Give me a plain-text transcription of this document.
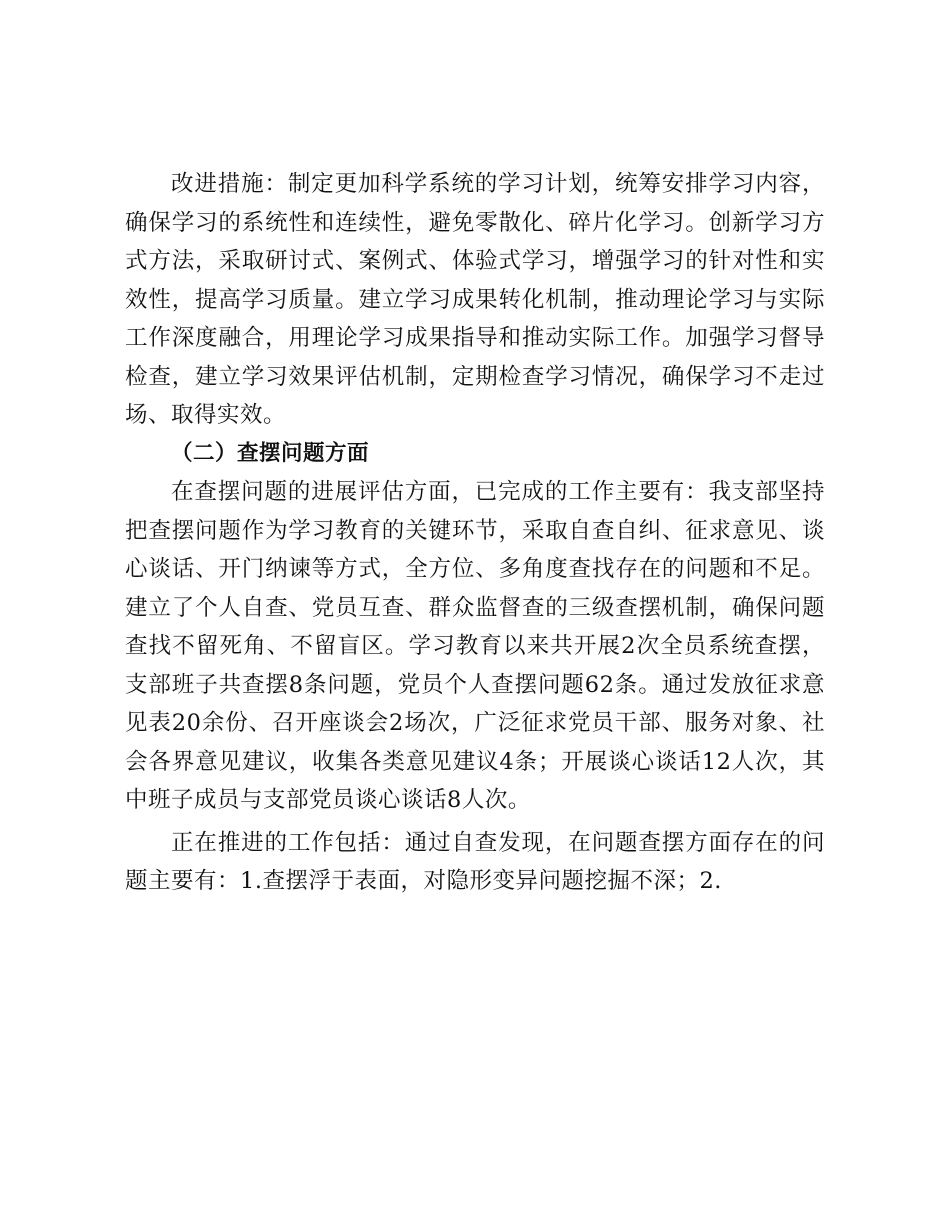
改进措施：制定更加科学系统的学习计划，统筹安排学习内容，确保学习的系统性和连续性，避免零散化、碎片化学习。创新学习方式方法，采取研讨式、案例式、体验式学习，增强学习的针对性和实效性，提高学习质量。建立学习成果转化机制，推动理论学习与实际工作深度融合，用理论学习成果指导和推动实际工作。加强学习督导检查，建立学习效果评估机制，定期检查学习情况，确保学习不走过场、取得实效。

（二）查摆问题方面

在查摆问题的进展评估方面，已完成的工作主要有：我支部坚持把查摆问题作为学习教育的关键环节，采取自查自纠、征求意见、谈心谈话、开门纳谏等方式，全方位、多角度查找存在的问题和不足。建立了个人自查、党员互查、群众监督查的三级查摆机制，确保问题查找不留死角、不留盲区。学习教育以来共开展2次全员系统查摆，支部班子共查摆8条问题，党员个人查摆问题62条。通过发放征求意见表20余份、召开座谈会2场次，广泛征求党员干部、服务对象、社会各界意见建议，收集各类意见建议4条；开展谈心谈话12人次，其中班子成员与支部党员谈心谈话8人次。

正在推进的工作包括：通过自查发现，在问题查摆方面存在的问题主要有：1.查摆浮于表面，对隐形变异问题挖掘不深；2.
